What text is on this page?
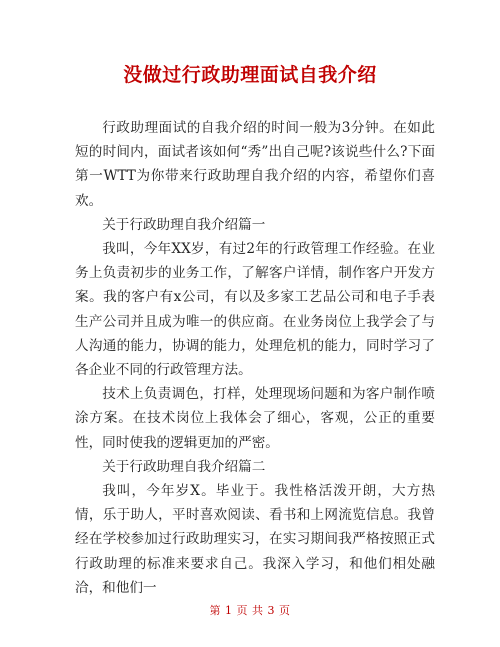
没做过行政助理面试自我介绍

行政助理面试的自我介绍的时间一般为3分钟。在如此短的时间内，面试者该如何“秀”出自己呢?该说些什么?下面第一WTT为你带来行政助理自我介绍的内容，希望你们喜欢。

关于行政助理自我介绍篇一

我叫，今年XX岁，有过2年的行政管理工作经验。在业务上负责初步的业务工作，了解客户详情，制作客户开发方案。我的客户有x公司，有以及多家工艺品公司和电子手表生产公司并且成为唯一的供应商。在业务岗位上我学会了与人沟通的能力，协调的能力，处理危机的能力，同时学习了各企业不同的行政管理方法。

技术上负责调色，打样，处理现场问题和为客户制作喷涂方案。在技术岗位上我体会了细心，客观，公正的重要性，同时使我的逻辑更加的严密。

关于行政助理自我介绍篇二

我叫，今年岁X。毕业于。我性格活泼开朗，大方热情，乐于助人，平时喜欢阅读、看书和上网流览信息。我曾经在学校参加过行政助理实习，在实习期间我严格按照正式行政助理的标准来要求自己。我深入学习，和他们相处融洽，和他们一

第 1 页 共 3 页
